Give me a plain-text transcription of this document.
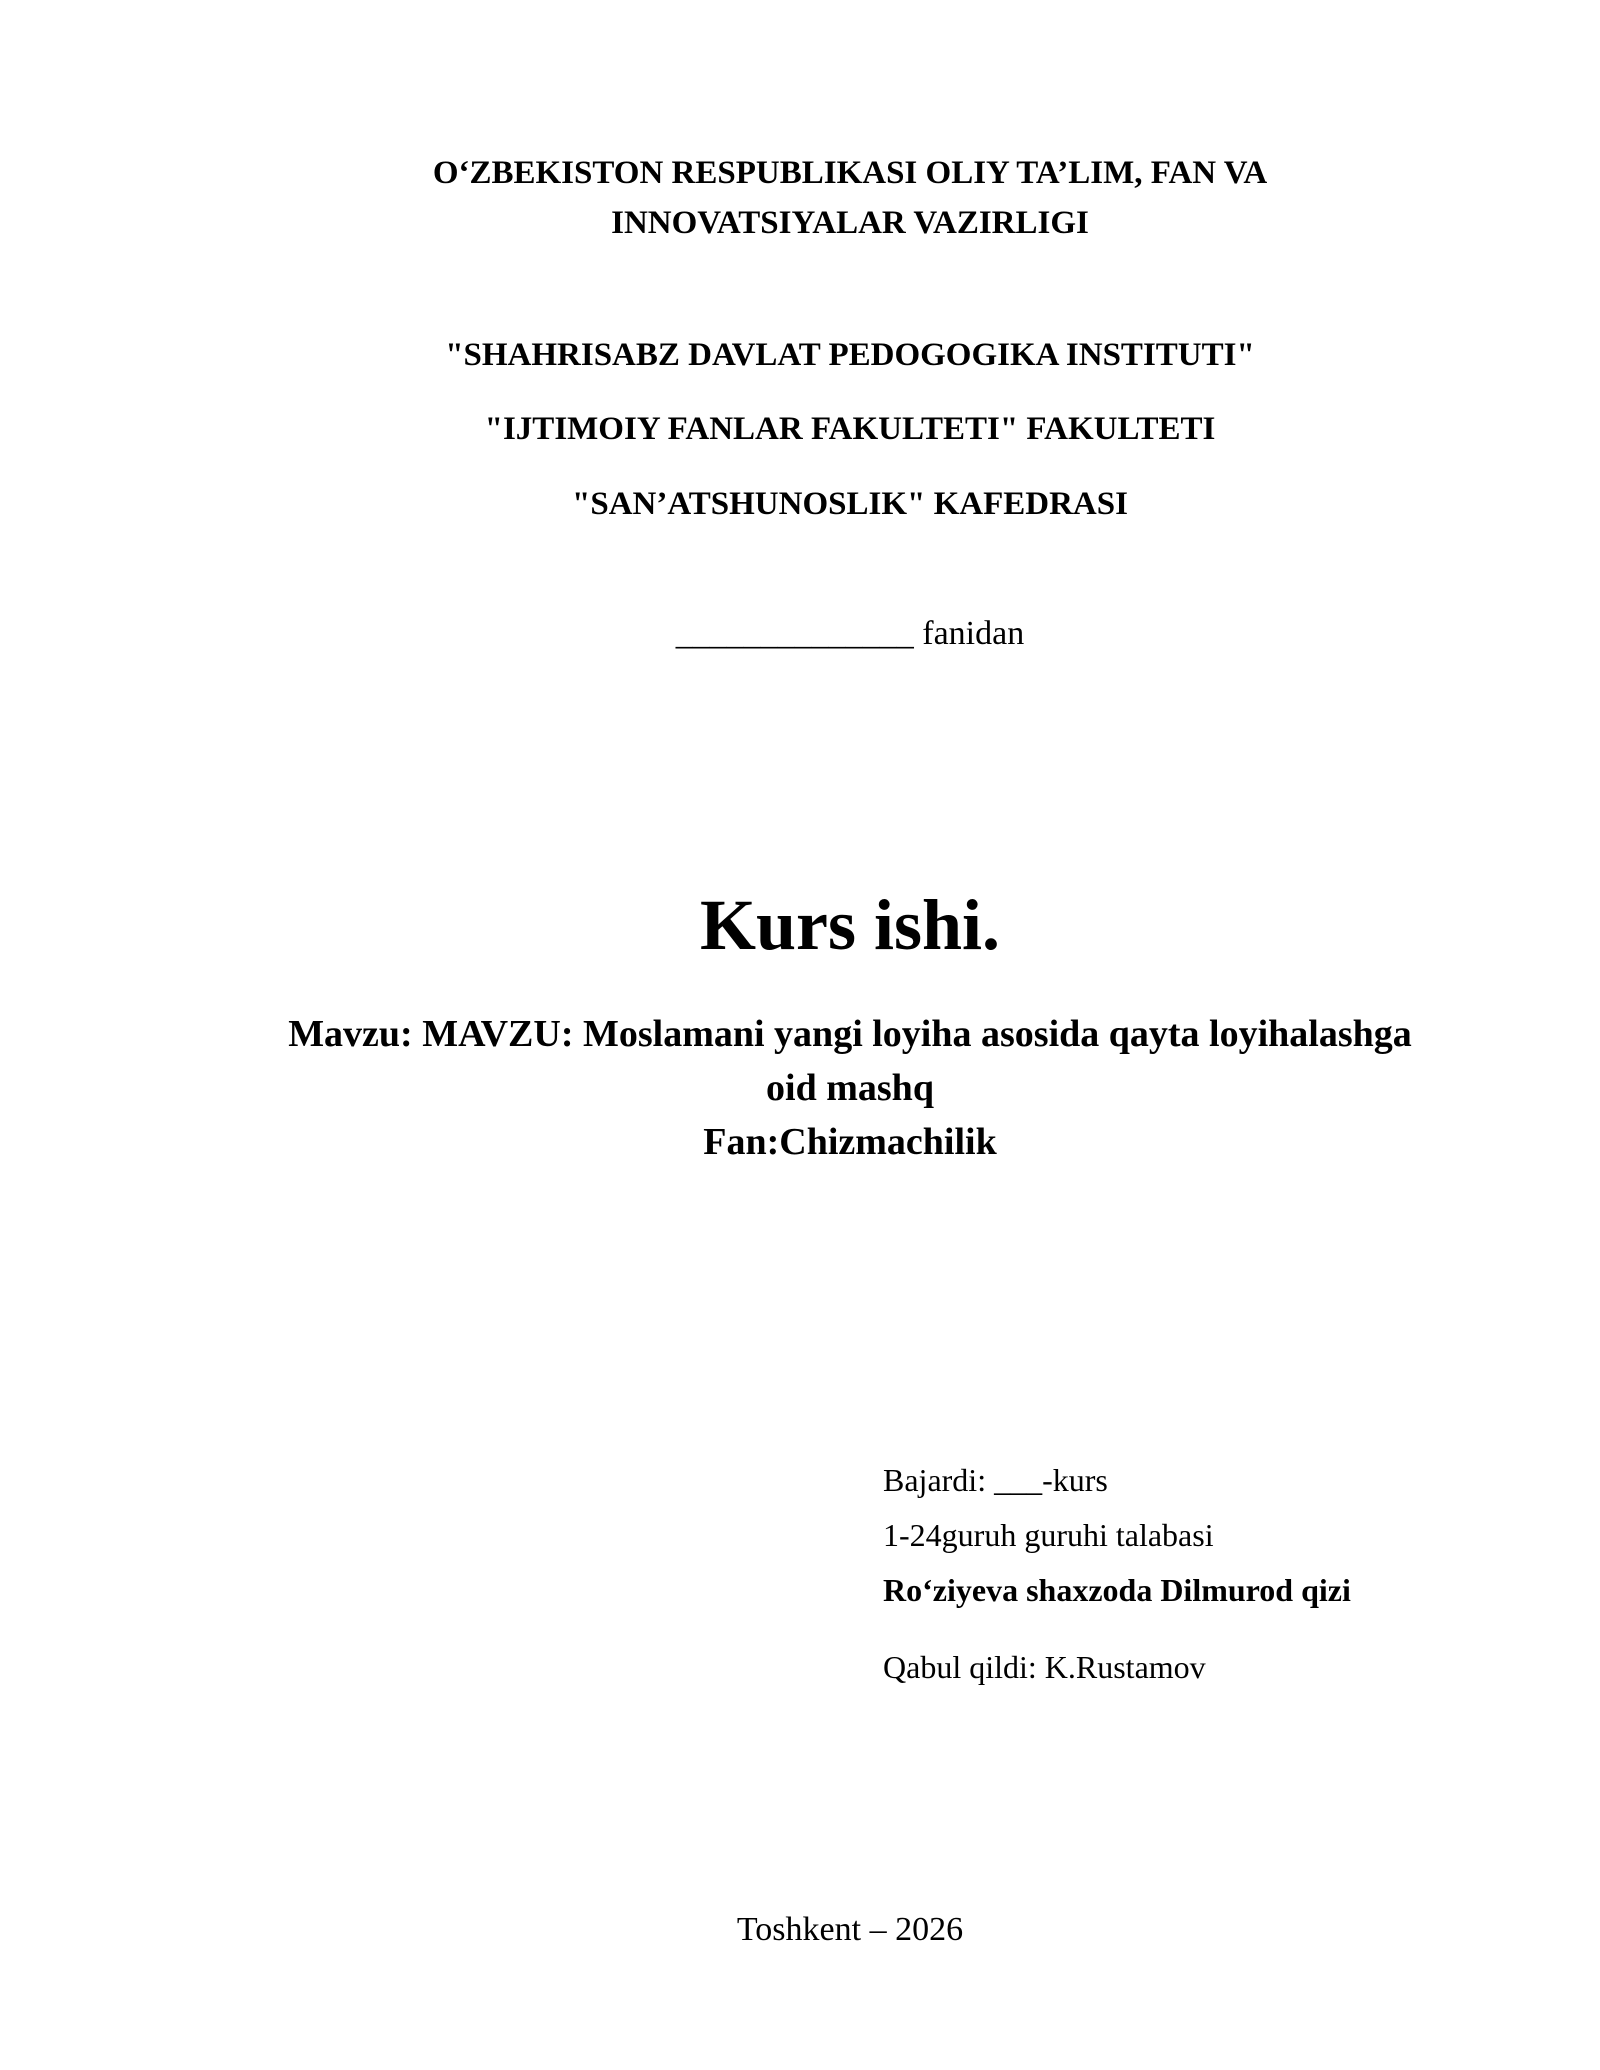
O‘ZBEKISTON RESPUBLIKASI OLIY TA’LIM, FAN VA
INNOVATSIYALAR VAZIRLIGI
"SHAHRISABZ DAVLAT PEDOGOGIKA INSTITUTI"
"IJTIMOIY FANLAR FAKULTETI" FAKULTETI
"SAN’ATSHUNOSLIK" KAFEDRASI
______________ fanidan
Kurs ishi.
Mavzu: MAVZU: Moslamani yangi loyiha asosida qayta loyihalashga
oid mashq
Fan:Chizmachilik
Bajardi: ___-kurs
1-24guruh guruhi talabasi
Ro‘ziyeva shaxzoda Dilmurod qizi
Qabul qildi: K.Rustamov
Toshkent – 2026
